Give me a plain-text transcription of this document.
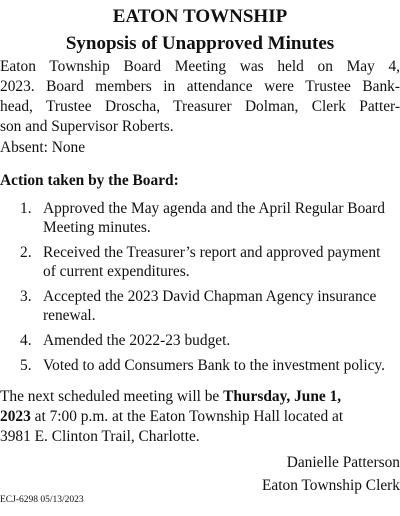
EATON TOWNSHIP
Synopsis of Unapproved Minutes
Eaton Township Board Meeting was held on May 4,
2023. Board members in attendance were Trustee Bank-
head, Trustee Droscha, Treasurer Dolman, Clerk Patter-
son and Supervisor Roberts.
Absent: None
Action taken by the Board:
1. Approved the May agenda and the April Regular Board Meeting minutes.
2. Received the Treasurer’s report and approved payment of current expenditures.
3. Accepted the 2023 David Chapman Agency insurance renewal.
4. Amended the 2022-23 budget.
5. Voted to add Consumers Bank to the investment policy.
The next scheduled meeting will be Thursday, June 1,
2023 at 7:00 p.m. at the Eaton Township Hall located at
3981 E. Clinton Trail, Charlotte.
Danielle Patterson
Eaton Township Clerk
ECJ-6298 05/13/2023
